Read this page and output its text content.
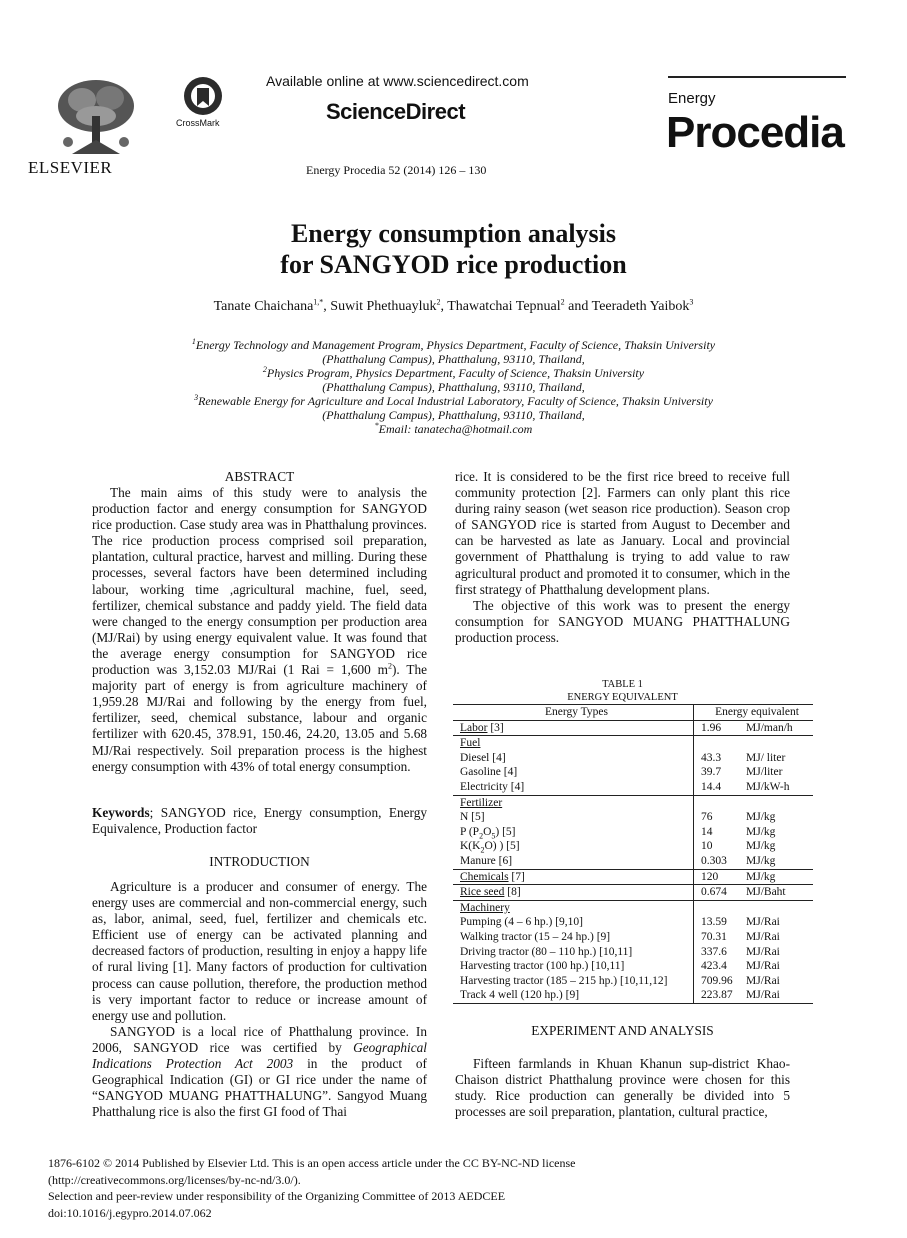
ELSEVIER
CrossMark
Available online at www.sciencedirect.com
ScienceDirect
Energy Procedia 52 (2014) 126 – 130
Energy
Procedia
Energy consumption analysis
for SANGYOD rice production
Tanate Chaichana$^{1,*}$, Suwit Phethuayluk$^2$, Thawatchai Tepnual$^2$ and Teeradeth Yaibok$^3$
$^1$Energy Technology and Management Program, Physics Department, Faculty of Science, Thaksin University
(Phatthalung Campus), Phatthalung, 93110, Thailand,
$^2$Physics Program, Physics Department, Faculty of Science, Thaksin University
(Phatthalung Campus), Phatthalung, 93110, Thailand,
$^3$Renewable Energy for Agriculture and Local Industrial Laboratory, Faculty of Science, Thaksin University
(Phatthalung Campus), Phatthalung, 93110, Thailand,
*Email: tanatecha@hotmail.com
ABSTRACT

The main aims of this study were to analysis the production factor and energy consumption for SANGYOD rice production. Case study area was in Phatthalung provinces. The rice production process comprised soil preparation, plantation, cultural practice, harvest and milling. During these processes, several factors have been determined including labour, working time ,agricultural machine, fuel, seed, fertilizer, chemical substance and paddy yield. The field data were changed to the energy consumption per production area (MJ/Rai) by using energy equivalent value. It was found that the average energy consumption for SANGYOD rice production was 3,152.03 MJ/Rai (1 Rai = 1,600 $m^2$). The majority part of energy is from agriculture machinery of 1,959.28 MJ/Rai and following by the energy from fuel, fertilizer, seed, chemical substance, labour and organic fertilizer with 620.45, 378.91, 150.46, 24.20, 13.05 and 5.68 MJ/Rai respectively. Soil preparation process is the highest energy consumption with 43% of total energy consumption.

Keywords; SANGYOD rice, Energy consumption, Energy Equivalence, Production factor

INTRODUCTION

Agriculture is a producer and consumer of energy. The energy uses are commercial and non-commercial energy, such as, labor, animal, seed, fuel, fertilizer and chemicals etc. Efficient use of energy can be activated planning and decreased factors of production, resulting in enjoy a happy life of rural living [1]. Many factors of production for cultivation process can cause pollution, therefore, the production method is very important factor to reduce or increase amount of energy use and pollution.

SANGYOD is a local rice of Phatthalung province. In 2006, SANGYOD rice was certified by Geographical Indications Protection Act 2003 in the product of Geographical Indication (GI) or GI rice under the name of “SANGYOD MUANG PHATTHALUNG”. Sangyod Muang Phatthalung rice is also the first GI food of Thai

rice. It is considered to be the first rice breed to receive full community protection [2]. Farmers can only plant this rice during rainy season (wet season rice production). Season crop of SANGYOD rice is started from August to December and can be harvested as late as January. Local and provincial government of Phatthalung is trying to add value to raw agricultural product and promoted it to consumer, which in the first strategy of Phatthalung development plans.

The objective of this work was to present the energy consumption for SANGYOD MUANG PHATTHALUNG production process.

TABLE 1
ENERGY EQUIVALENT
Energy Types	Energy equivalent	
Labor [3]	1.96	MJ/man/h
Fuel		
Diesel [4]	43.3	MJ/ liter
Gasoline [4]	39.7	MJ/liter
Electricity [4]	14.4	MJ/kW-h
Fertilizer		
N [5]	76	MJ/kg
P $(P_2O_5)$ [5]	14	MJ/kg
$K(K_2O)$ ) [5]	10	MJ/kg
Manure [6]	0.303	MJ/kg
Chemicals [7]	120	MJ/kg
Rice seed [8]	0.674	MJ/Baht
Machinery		
Pumping (4 – 6 hp.) [9,10]	13.59	MJ/Rai
Walking tractor (15 – 24 hp.) [9]	70.31	MJ/Rai
Driving tractor (80 – 110 hp.) [10,11]	337.6	MJ/Rai
Harvesting tractor (100 hp.) [10,11]	423.4	MJ/Rai
Harvesting tractor (185 – 215 hp.) [10,11,12]	709.96	MJ/Rai
Track 4 well (120 hp.) [9]	223.87	MJ/Rai
EXPERIMENT AND ANALYSIS

Fifteen farmlands in Khuan Khanun sup-district Khao-Chaison district Phatthalung province were chosen for this study. Rice production can generally be divided into 5 processes are soil preparation, plantation, cultural practice,

1876-6102 © 2014 Published by Elsevier Ltd. This is an open access article under the CC BY-NC-ND license

(http://creativecommons.org/licenses/by-nc-nd/3.0/).

Selection and peer-review under responsibility of the Organizing Committee of 2013 AEDCEE

doi:10.1016/j.egypro.2014.07.062
